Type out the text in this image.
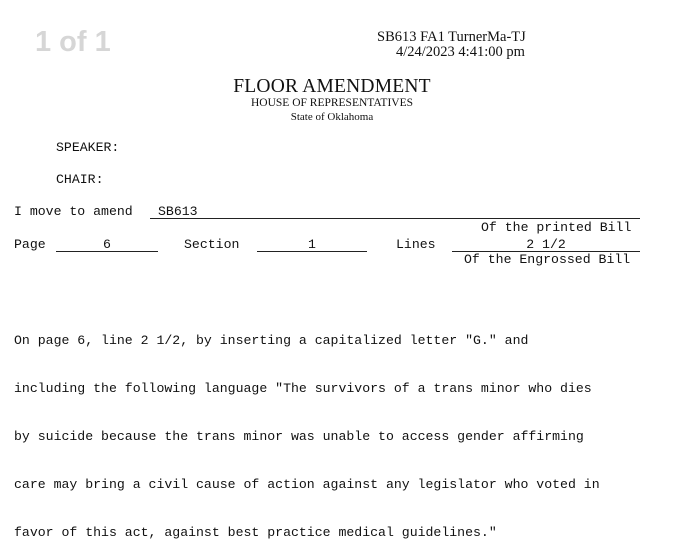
1 of 1	SB613 FA1 TurnerMa-TJ
4/24/2023 4:41:00 pm
FLOOR AMENDMENT
HOUSE OF REPRESENTATIVES
State of Oklahoma
SPEAKER:
CHAIR:
I move to amend SB613
Of the printed Bill
Page	6	Section	1	Lines	2 1/2
Of the Engrossed Bill

On page 6, line 2 1/2, by inserting a capitalized letter "G." and

including the following language "The survivors of a trans minor who dies

by suicide because the trans minor was unable to access gender affirming

care may bring a civil cause of action against any legislator who voted in

favor of this act, against best practice medical guidelines."
